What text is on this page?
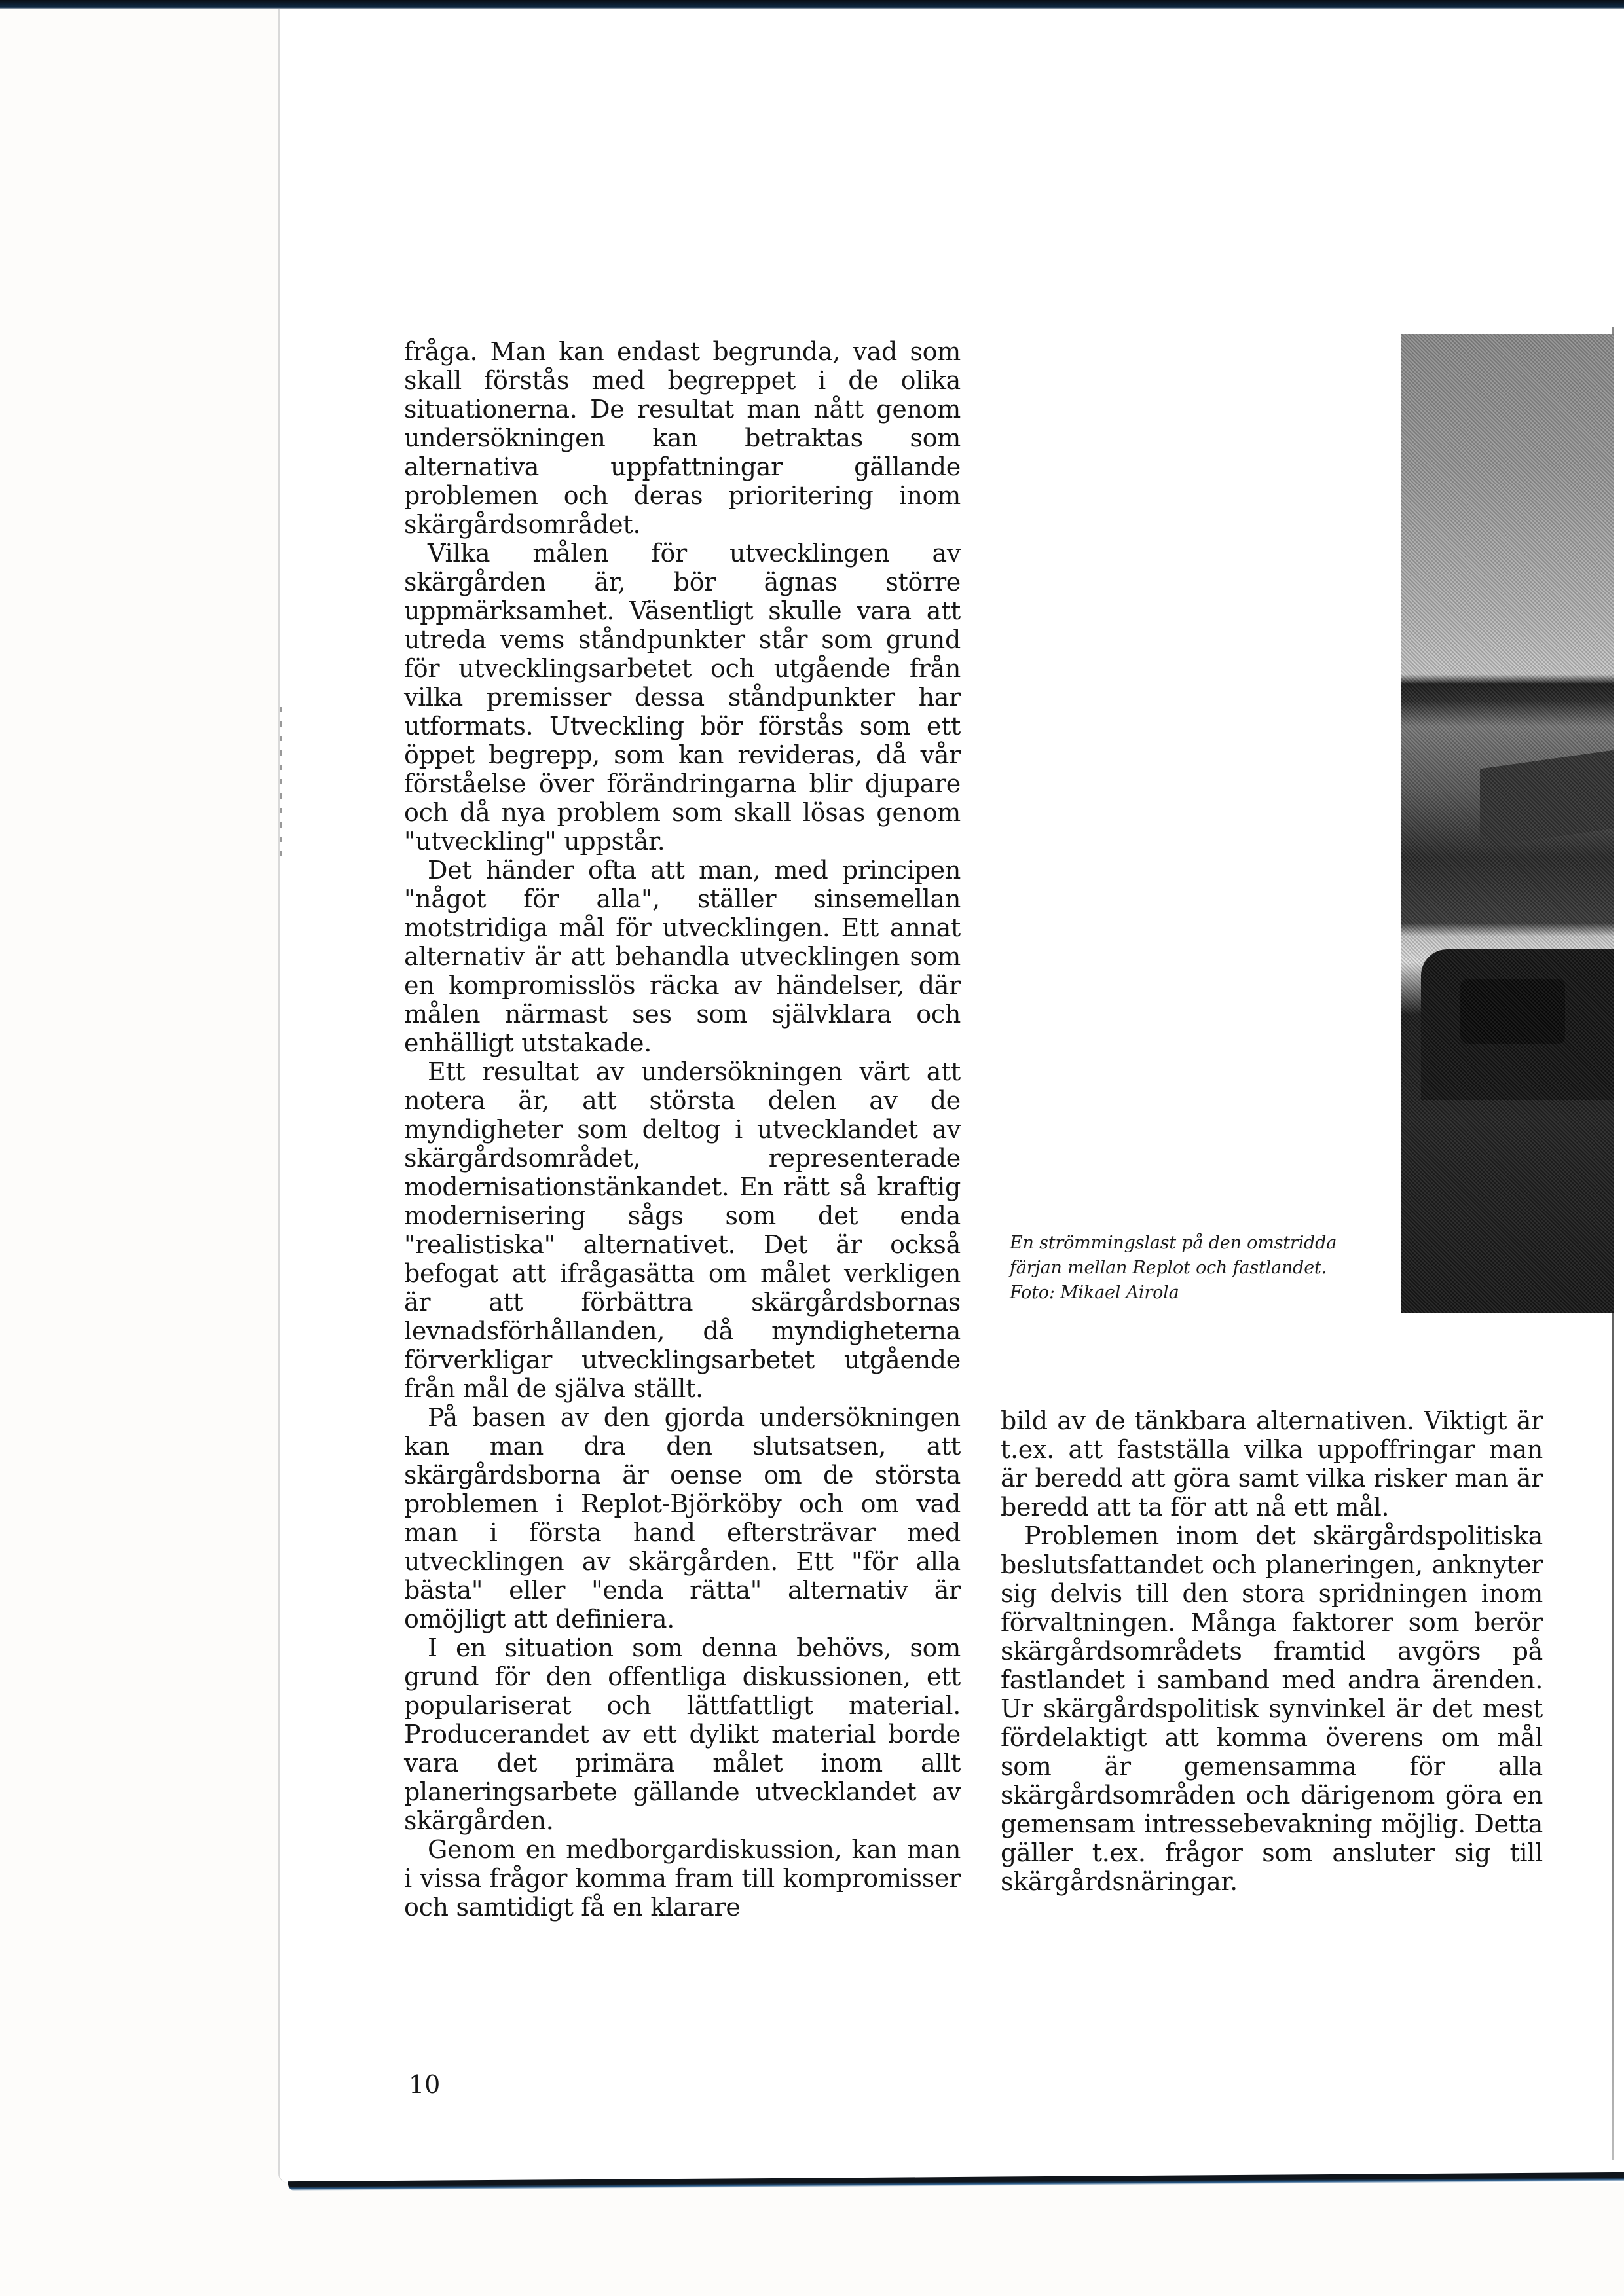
fråga. Man kan endast begrunda, vad som skall förstås med begreppet i de olika situationerna. De resultat man nått genom undersökningen kan betraktas som alternativa uppfattningar gällande problemen och deras prioritering inom skärgårdsområdet.

Vilka målen för utvecklingen av skärgården är, bör ägnas större uppmärksamhet. Väsentligt skulle vara att utreda vems ståndpunkter står som grund för utvecklingsarbetet och utgående från vilka premisser dessa ståndpunkter har utformats. Utveckling bör förstås som ett öppet begrepp, som kan revideras, då vår förståelse över förändringarna blir djupare och då nya problem som skall lösas genom "utveckling" uppstår.

Det händer ofta att man, med principen "något för alla", ställer sinsemellan motstridiga mål för utvecklingen. Ett annat alternativ är att behandla utvecklingen som en kompromisslös räcka av händelser, där målen närmast ses som självklara och enhälligt utstakade.

Ett resultat av undersökningen värt att notera är, att största delen av de myndigheter som deltog i utvecklandet av skärgårdsområdet, representerade modernisationstänkandet. En rätt så kraftig modernisering sågs som det enda "realistiska" alternativet. Det är också befogat att ifrågasätta om målet verkligen är att förbättra skärgårdsbornas levnadsförhållanden, då myndigheterna förverkligar utvecklingsarbetet utgående från mål de själva ställt.

På basen av den gjorda undersökningen kan man dra den slutsatsen, att skärgårdsborna är oense om de största problemen i Replot-Björköby och om vad man i första hand eftersträvar med utvecklingen av skärgården. Ett "för alla bästa" eller "enda rätta" alternativ är omöjligt att definiera.

I en situation som denna behövs, som grund för den offentliga diskussionen, ett populariserat och lättfattligt material. Producerandet av ett dylikt material borde vara det primära målet inom allt planeringsarbete gällande utvecklandet av skärgården.

Genom en medborgardiskussion, kan man i vissa frågor komma fram till kompromisser och samtidigt få en klarare

En strömmingslast på den omstridda
färjan mellan Replot och fastlandet.
Foto: Mikael Airola

bild av de tänkbara alternativen. Viktigt är t.ex. att fastställa vilka uppoffringar man är beredd att göra samt vilka risker man är beredd att ta för att nå ett mål.

Problemen inom det skärgårdspolitiska beslutsfattandet och planeringen, anknyter sig delvis till den stora spridningen inom förvaltningen. Många faktorer som berör skärgårdsområdets framtid avgörs på fastlandet i samband med andra ärenden. Ur skärgårdspolitisk synvinkel är det mest fördelaktigt att komma överens om mål som är gemensamma för alla skärgårdsområden och därigenom göra en gemensam intressebevakning möjlig. Detta gäller t.ex. frågor som ansluter sig till skärgårdsnäringar.

10
